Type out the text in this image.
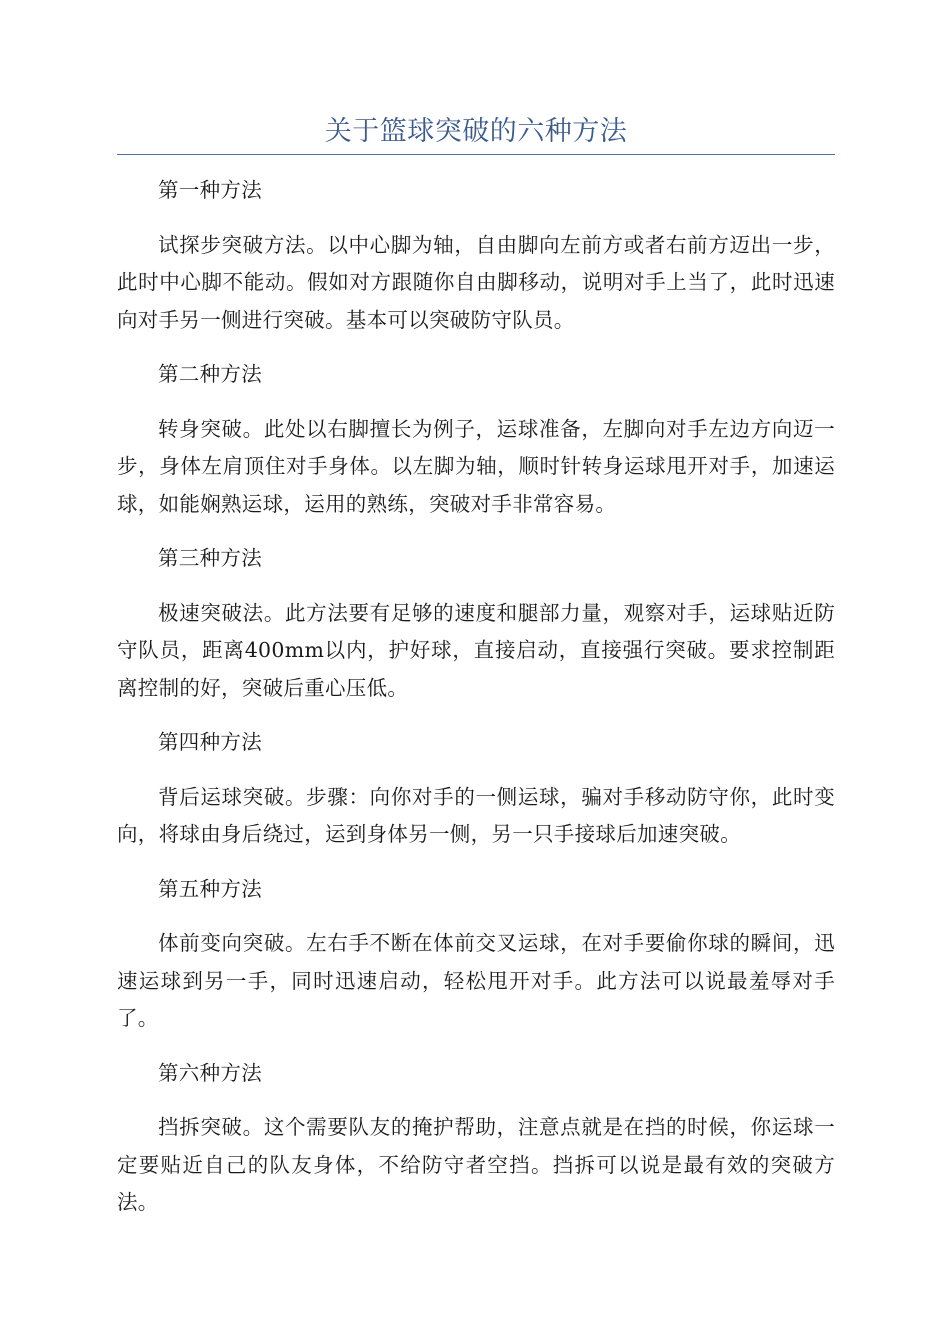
关于篮球突破的六种方法

第一种方法

试探步突破方法。以中心脚为轴，自由脚向左前方或者右前方迈出一步，此时中心脚不能动。假如对方跟随你自由脚移动，说明对手上当了，此时迅速向对手另一侧进行突破。基本可以突破防守队员。

第二种方法

转身突破。此处以右脚擅长为例子，运球准备，左脚向对手左边方向迈一步，身体左肩顶住对手身体。以左脚为轴，顺时针转身运球甩开对手，加速运球，如能娴熟运球，运用的熟练，突破对手非常容易。

第三种方法

极速突破法。此方法要有足够的速度和腿部力量，观察对手，运球贴近防守队员，距离400mm以内，护好球，直接启动，直接强行突破。要求控制距离控制的好，突破后重心压低。

第四种方法

背后运球突破。步骤：向你对手的一侧运球，骗对手移动防守你，此时变向，将球由身后绕过，运到身体另一侧，另一只手接球后加速突破。

第五种方法

体前变向突破。左右手不断在体前交叉运球，在对手要偷你球的瞬间，迅速运球到另一手，同时迅速启动，轻松甩开对手。此方法可以说最羞辱对手了。

第六种方法

挡拆突破。这个需要队友的掩护帮助，注意点就是在挡的时候，你运球一定要贴近自己的队友身体，不给防守者空挡。挡拆可以说是最有效的突破方法。
